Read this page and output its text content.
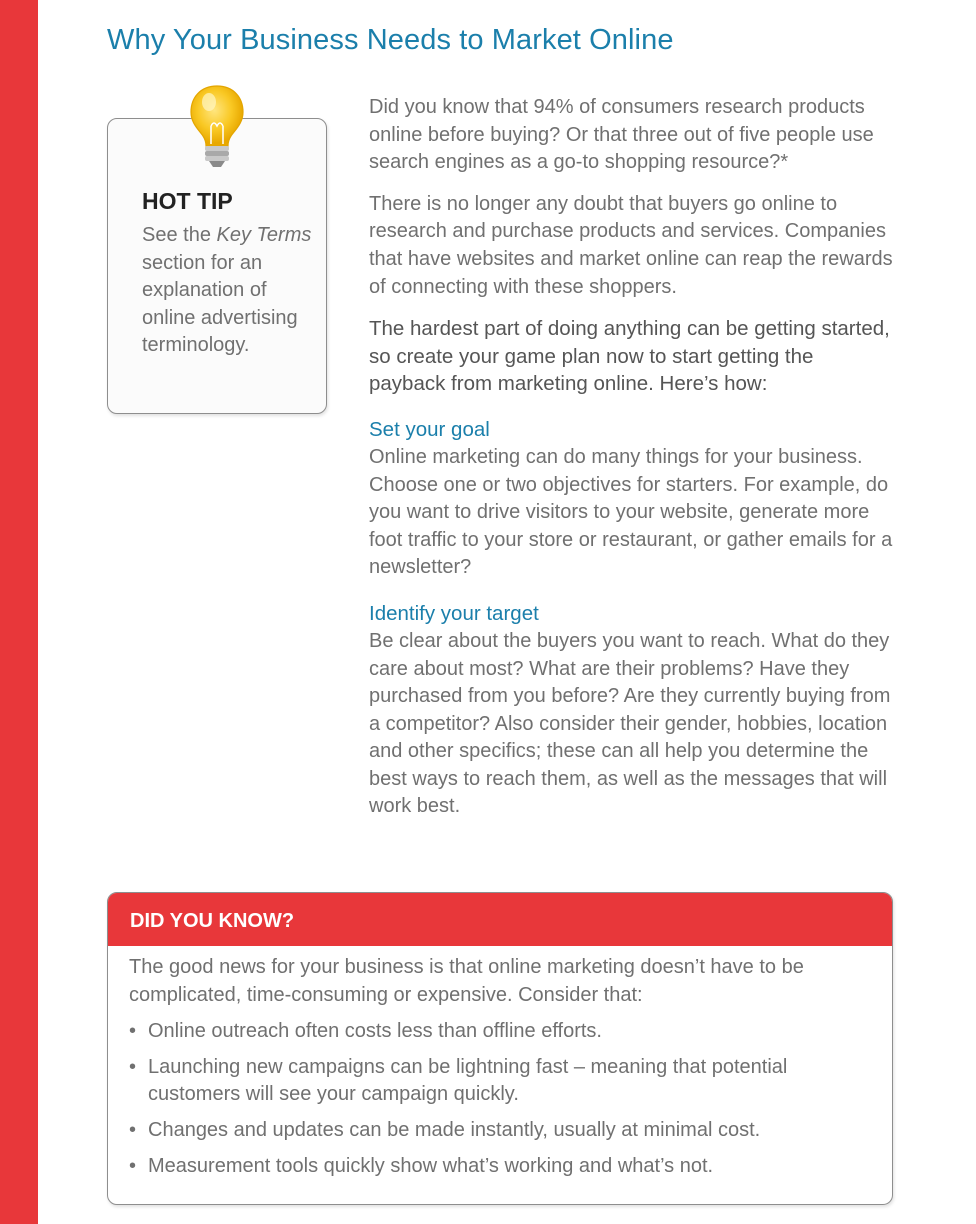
Why Your Business Needs to Market Online
HOT TIP
See the Key Terms section for an explanation of online advertising terminology.

Did you know that 94% of consumers research products online before buying? Or that three out of five people use search engines as a go-to shopping resource?*

There is no longer any doubt that buyers go online to research and purchase products and services. Companies that have websites and market online can reap the rewards of connecting with these shoppers.

The hardest part of doing anything can be getting started, so create your game plan now to start getting the payback from marketing online. Here’s how:

Set your goal

Online marketing can do many things for your business. Choose one or two objectives for starters. For example, do you want to drive visitors to your website, generate more foot traffic to your store or restaurant, or gather emails for a newsletter?

Identify your target

Be clear about the buyers you want to reach. What do they care about most? What are their problems? Have they purchased from you before? Are they currently buying from a competitor? Also consider their gender, hobbies, location and other specifics; these can all help you determine the best ways to reach them, as well as the messages that will work best.

DID YOU KNOW?

The good news for your business is that online marketing doesn’t have to be complicated, time-consuming or expensive. Consider that:

• Online outreach often costs less than offline efforts.
• Launching new campaigns can be lightning fast – meaning that potential customers will see your campaign quickly.
• Changes and updates can be made instantly, usually at minimal cost.
• Measurement tools quickly show what’s working and what’s not.
